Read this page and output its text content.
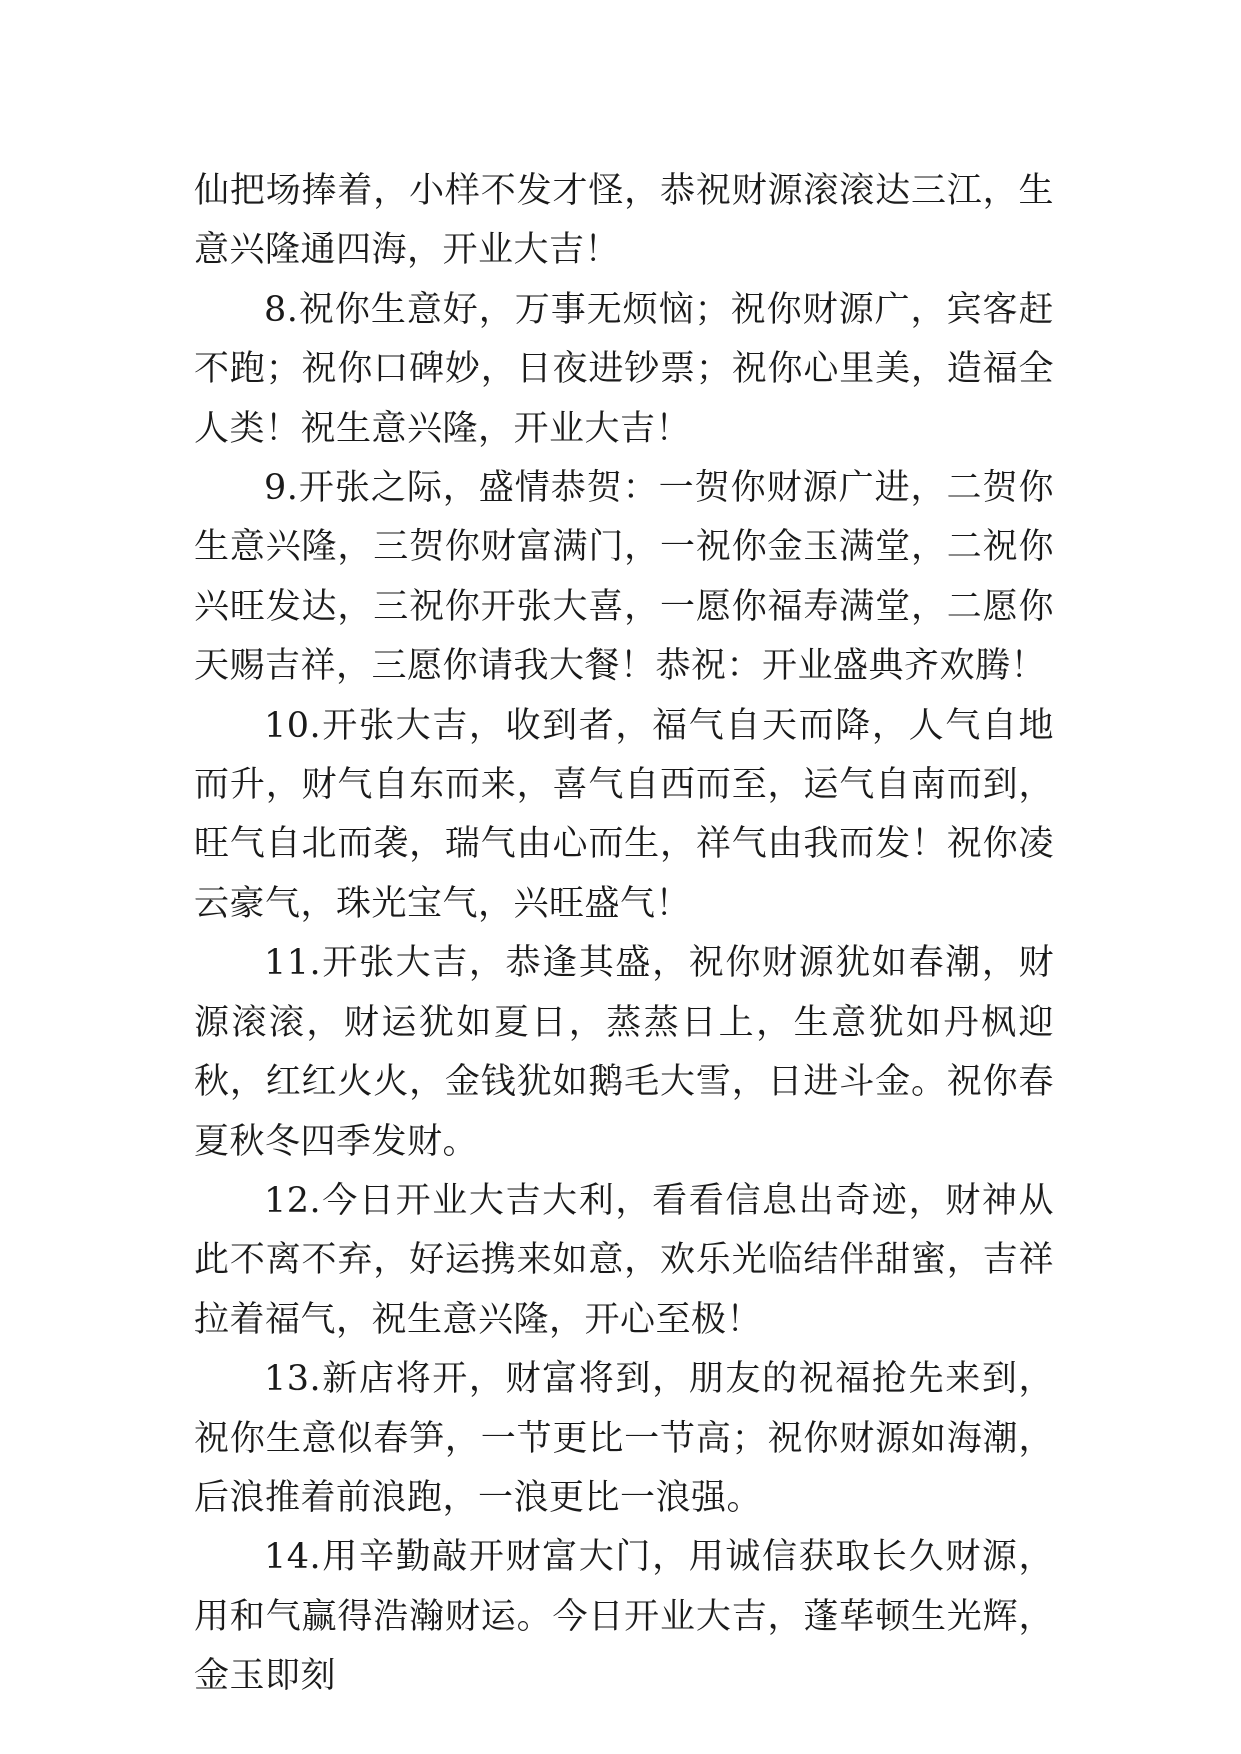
仙把场捧着，小样不发才怪，恭祝财源滚滚达三江，生意兴隆通四海，开业大吉！

8.祝你生意好，万事无烦恼；祝你财源广，宾客赶不跑；祝你口碑妙，日夜进钞票；祝你心里美，造福全人类！祝生意兴隆，开业大吉！

9.开张之际，盛情恭贺：一贺你财源广进，二贺你生意兴隆，三贺你财富满门，一祝你金玉满堂，二祝你兴旺发达，三祝你开张大喜，一愿你福寿满堂，二愿你天赐吉祥，三愿你请我大餐！恭祝：开业盛典齐欢腾！

10.开张大吉，收到者，福气自天而降，人气自地而升，财气自东而来，喜气自西而至，运气自南而到，旺气自北而袭，瑞气由心而生，祥气由我而发！祝你凌云豪气，珠光宝气，兴旺盛气！

11.开张大吉，恭逢其盛，祝你财源犹如春潮，财源滚滚，财运犹如夏日，蒸蒸日上，生意犹如丹枫迎秋，红红火火，金钱犹如鹅毛大雪，日进斗金。祝你春夏秋冬四季发财。

12.今日开业大吉大利，看看信息出奇迹，财神从此不离不弃，好运携来如意，欢乐光临结伴甜蜜，吉祥拉着福气，祝生意兴隆，开心至极！

13.新店将开，财富将到，朋友的祝福抢先来到，祝你生意似春笋，一节更比一节高；祝你财源如海潮，后浪推着前浪跑，一浪更比一浪强。

14.用辛勤敲开财富大门，用诚信获取长久财源，用和气赢得浩瀚财运。今日开业大吉，蓬荜顿生光辉，金玉即刻
